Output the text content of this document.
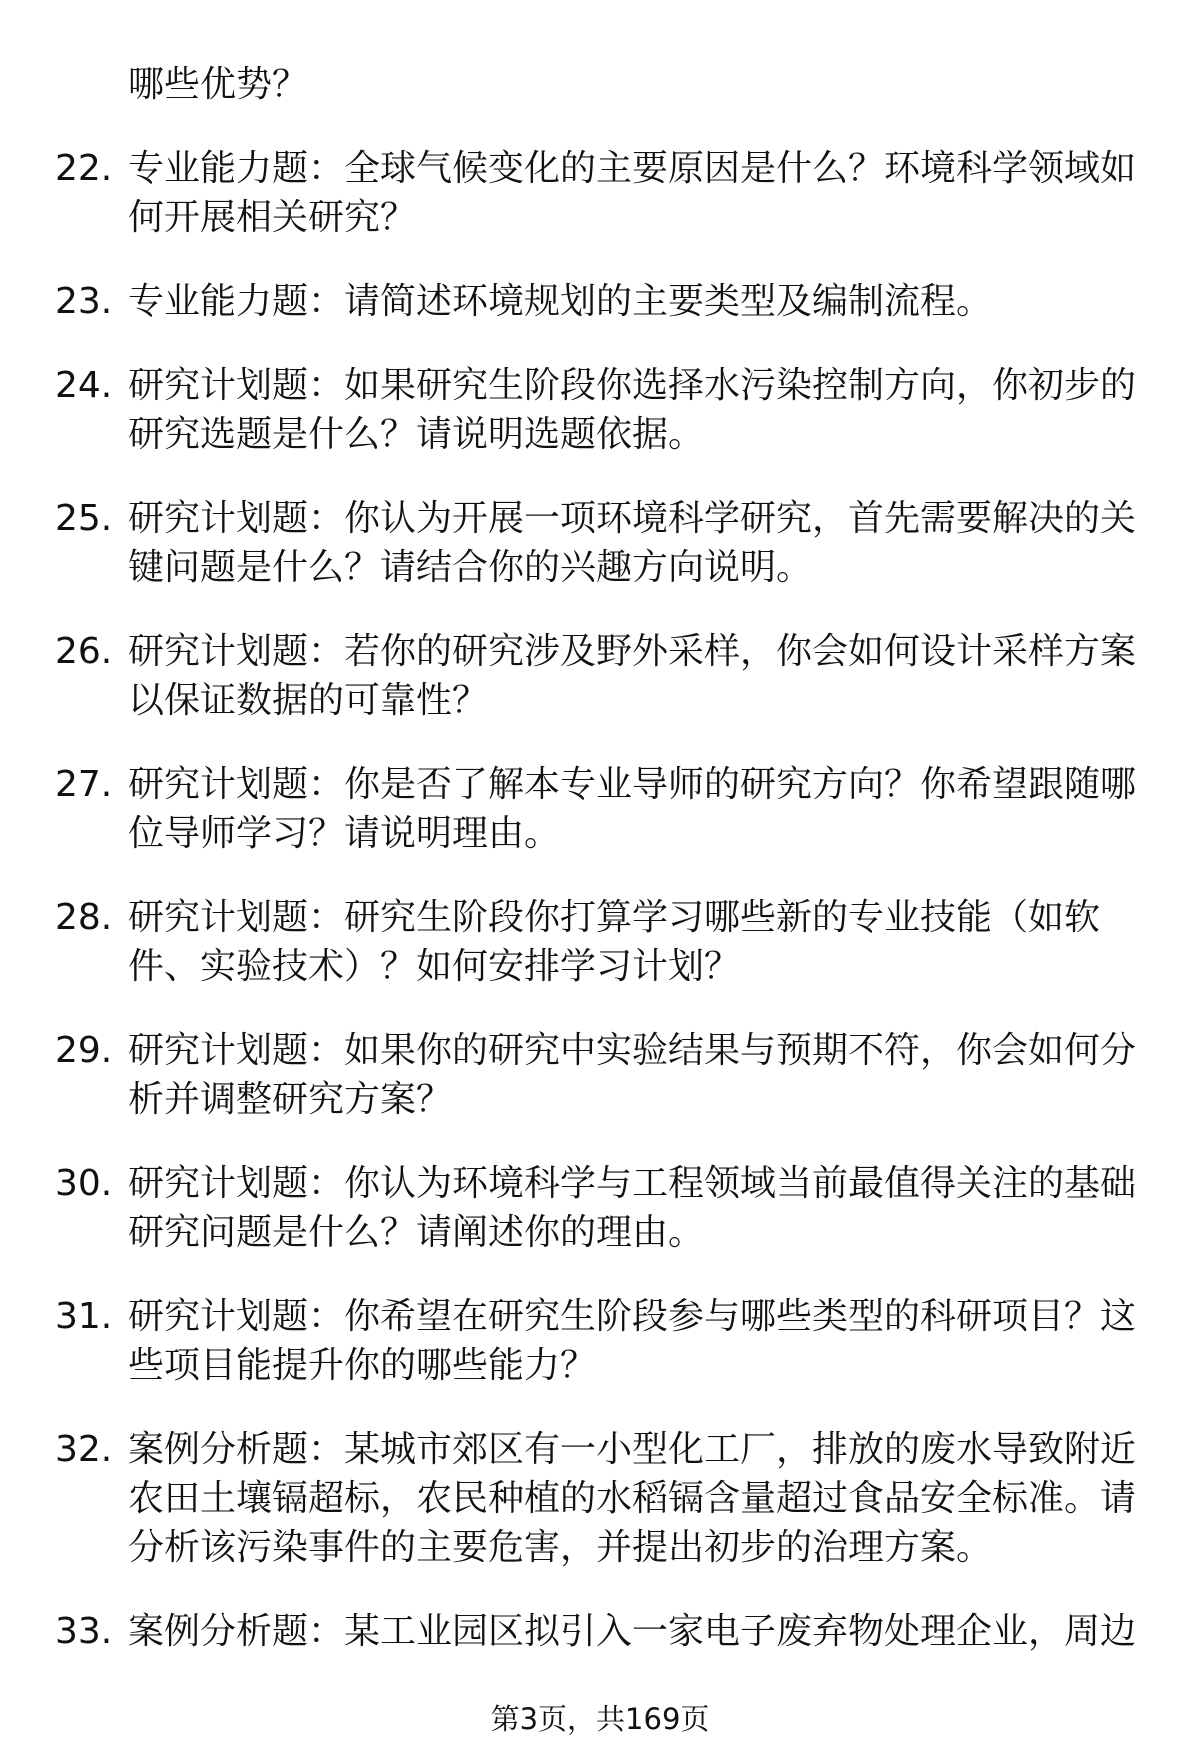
哪些优势？
22. 专业能力题：全球气候变化的主要原因是什么？环境科学领域如
何开展相关研究？
23. 专业能力题：请简述环境规划的主要类型及编制流程。
24. 研究计划题：如果研究生阶段你选择水污染控制方向，你初步的
研究选题是什么？请说明选题依据。
25. 研究计划题：你认为开展一项环境科学研究，首先需要解决的关
键问题是什么？请结合你的兴趣方向说明。
26. 研究计划题：若你的研究涉及野外采样，你会如何设计采样方案
以保证数据的可靠性？
27. 研究计划题：你是否了解本专业导师的研究方向？你希望跟随哪
位导师学习？请说明理由。
28. 研究计划题：研究生阶段你打算学习哪些新的专业技能（如软
件、实验技术）？如何安排学习计划？
29. 研究计划题：如果你的研究中实验结果与预期不符，你会如何分
析并调整研究方案？
30. 研究计划题：你认为环境科学与工程领域当前最值得关注的基础
研究问题是什么？请阐述你的理由。
31. 研究计划题：你希望在研究生阶段参与哪些类型的科研项目？这
些项目能提升你的哪些能力？
32. 案例分析题：某城市郊区有一小型化工厂，排放的废水导致附近
农田土壤镉超标，农民种植的水稻镉含量超过食品安全标准。请
分析该污染事件的主要危害，并提出初步的治理方案。
33. 案例分析题：某工业园区拟引入一家电子废弃物处理企业，周边
第3页，共169页
